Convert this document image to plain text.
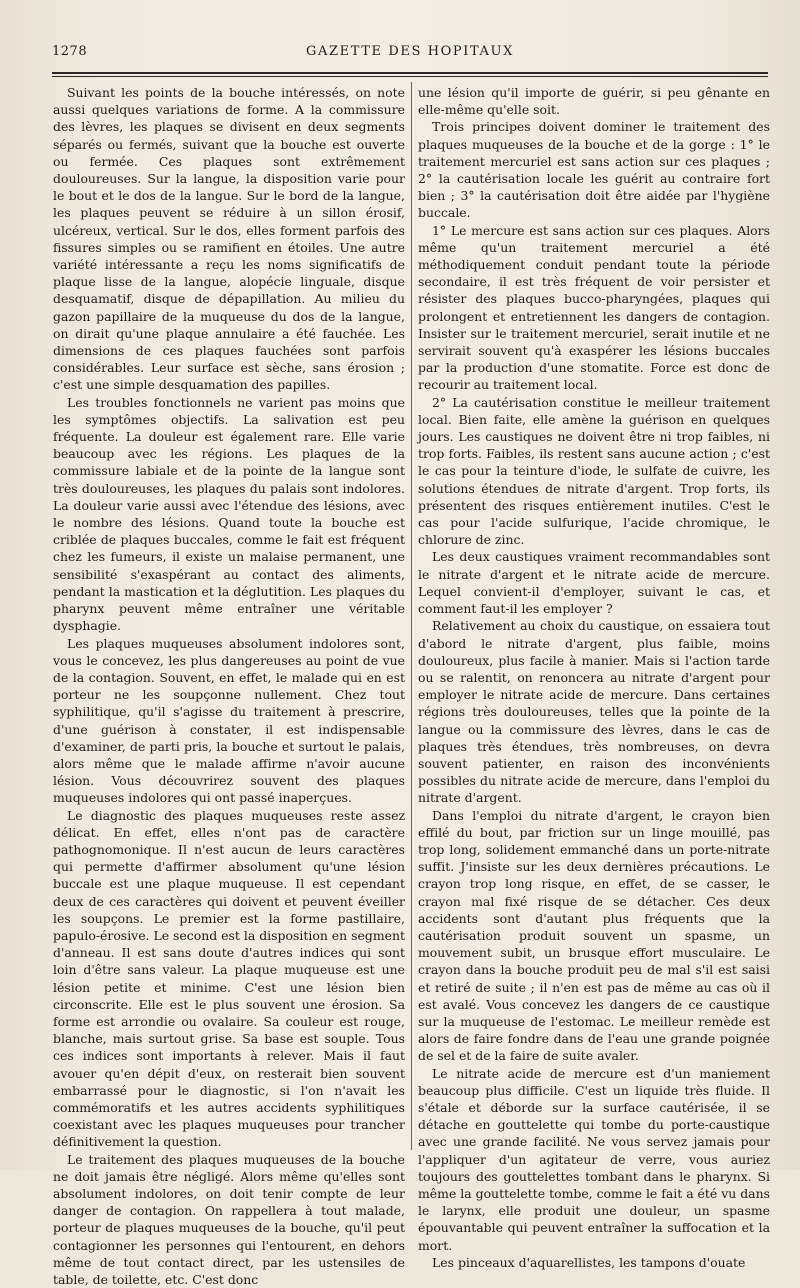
1278	GAZETTE DES HOPITAUX

Suivant les points de la bouche intéressés, on note aussi quelques variations de forme. A la commissure des lèvres, les plaques se divisent en deux segments séparés ou fermés, suivant que la bouche est ouverte ou fermée. Ces plaques sont extrêmement douloureuses. Sur la langue, la disposition varie pour le bout et le dos de la langue. Sur le bord de la langue, les plaques peuvent se réduire à un sillon érosif, ulcéreux, vertical. Sur le dos, elles forment parfois des fissures simples ou se ramifient en étoiles. Une autre variété intéressante a reçu les noms significatifs de plaque lisse de la langue, alopécie linguale, disque desquamatif, disque de dépapillation. Au milieu du gazon papillaire de la muqueuse du dos de la langue, on dirait qu'une plaque annulaire a été fauchée. Les dimensions de ces plaques fauchées sont parfois considérables. Leur surface est sèche, sans érosion ; c'est une simple desquamation des papilles.

Les troubles fonctionnels ne varient pas moins que les symptômes objectifs. La salivation est peu fréquente. La douleur est également rare. Elle varie beaucoup avec les régions. Les plaques de la commissure labiale et de la pointe de la langue sont très douloureuses, les plaques du palais sont indolores. La douleur varie aussi avec l'étendue des lésions, avec le nombre des lésions. Quand toute la bouche est criblée de plaques buccales, comme le fait est fréquent chez les fumeurs, il existe un malaise permanent, une sensibilité s'exaspérant au contact des aliments, pendant la mastication et la déglutition. Les plaques du pharynx peuvent même entraîner une véritable dysphagie.

Les plaques muqueuses absolument indolores sont, vous le concevez, les plus dangereuses au point de vue de la contagion. Souvent, en effet, le malade qui en est porteur ne les soupçonne nullement. Chez tout syphilitique, qu'il s'agisse du traitement à prescrire, d'une guérison à constater, il est indispensable d'examiner, de parti pris, la bouche et surtout le palais, alors même que le malade affirme n'avoir aucune lésion. Vous découvrirez souvent des plaques muqueuses indolores qui ont passé inaperçues.

Le diagnostic des plaques muqueuses reste assez délicat. En effet, elles n'ont pas de caractère pathognomonique. Il n'est aucun de leurs caractères qui permette d'affirmer absolument qu'une lésion buccale est une plaque muqueuse. Il est cependant deux de ces caractères qui doivent et peuvent éveiller les soupçons. Le premier est la forme pastillaire, papulo-érosive. Le second est la disposition en segment d'anneau. Il est sans doute d'autres indices qui sont loin d'être sans valeur. La plaque muqueuse est une lésion petite et minime. C'est une lésion bien circonscrite. Elle est le plus souvent une érosion. Sa forme est arrondie ou ovalaire. Sa couleur est rouge, blanche, mais surtout grise. Sa base est souple. Tous ces indices sont importants à relever. Mais il faut avouer qu'en dépit d'eux, on resterait bien souvent embarrassé pour le diagnostic, si l'on n'avait les commémoratifs et les autres accidents syphilitiques coexistant avec les plaques muqueuses pour trancher définitivement la question.

Le traitement des plaques muqueuses de la bouche ne doit jamais être négligé. Alors même qu'elles sont absolument indolores, on doit tenir compte de leur danger de contagion. On rappellera à tout malade, porteur de plaques muqueuses de la bouche, qu'il peut contagionner les personnes qui l'entourent, en dehors même de tout contact direct, par les ustensiles de table, de toilette, etc. C'est donc

une lésion qu'il importe de guérir, si peu gênante en elle-même qu'elle soit.

Trois principes doivent dominer le traitement des plaques muqueuses de la bouche et de la gorge : 1° le traitement mercuriel est sans action sur ces plaques ; 2° la cautérisation locale les guérit au contraire fort bien ; 3° la cautérisation doit être aidée par l'hygiène buccale.

1° Le mercure est sans action sur ces plaques. Alors même qu'un traitement mercuriel a été méthodiquement conduit pendant toute la période secondaire, il est très fréquent de voir persister et résister des plaques bucco-pharyngées, plaques qui prolongent et entretiennent les dangers de contagion. Insister sur le traitement mercuriel, serait inutile et ne servirait souvent qu'à exaspérer les lésions buccales par la production d'une stomatite. Force est donc de recourir au traitement local.

2° La cautérisation constitue le meilleur traitement local. Bien faite, elle amène la guérison en quelques jours. Les caustiques ne doivent être ni trop faibles, ni trop forts. Faibles, ils restent sans aucune action ; c'est le cas pour la teinture d'iode, le sulfate de cuivre, les solutions étendues de nitrate d'argent. Trop forts, ils présentent des risques entièrement inutiles. C'est le cas pour l'acide sulfurique, l'acide chromique, le chlorure de zinc.

Les deux caustiques vraiment recommandables sont le nitrate d'argent et le nitrate acide de mercure. Lequel convient-il d'employer, suivant le cas, et comment faut-il les employer ?

Relativement au choix du caustique, on essaiera tout d'abord le nitrate d'argent, plus faible, moins douloureux, plus facile à manier. Mais si l'action tarde ou se ralentit, on renoncera au nitrate d'argent pour employer le nitrate acide de mercure. Dans certaines régions très douloureuses, telles que la pointe de la langue ou la commissure des lèvres, dans le cas de plaques très étendues, très nombreuses, on devra souvent patienter, en raison des inconvénients possibles du nitrate acide de mercure, dans l'emploi du nitrate d'argent.

Dans l'emploi du nitrate d'argent, le crayon bien effilé du bout, par friction sur un linge mouillé, pas trop long, solidement emmanché dans un porte-nitrate suffit. J'insiste sur les deux dernières précautions. Le crayon trop long risque, en effet, de se casser, le crayon mal fixé risque de se détacher. Ces deux accidents sont d'autant plus fréquents que la cautérisation produit souvent un spasme, un mouvement subit, un brusque effort musculaire. Le crayon dans la bouche produit peu de mal s'il est saisi et retiré de suite ; il n'en est pas de même au cas où il est avalé. Vous concevez les dangers de ce caustique sur la muqueuse de l'estomac. Le meilleur remède est alors de faire fondre dans de l'eau une grande poignée de sel et de la faire de suite avaler.

Le nitrate acide de mercure est d'un maniement beaucoup plus difficile. C'est un liquide très fluide. Il s'étale et déborde sur la surface cautérisée, il se détache en gouttelette qui tombe du porte-caustique avec une grande facilité. Ne vous servez jamais pour l'appliquer d'un agitateur de verre, vous auriez toujours des gouttelettes tombant dans le pharynx. Si même la gouttelette tombe, comme le fait a été vu dans le larynx, elle produit une douleur, un spasme épouvantable qui peuvent entraîner la suffocation et la mort.

Les pinceaux d'aquarellistes, les tampons d'ouate
